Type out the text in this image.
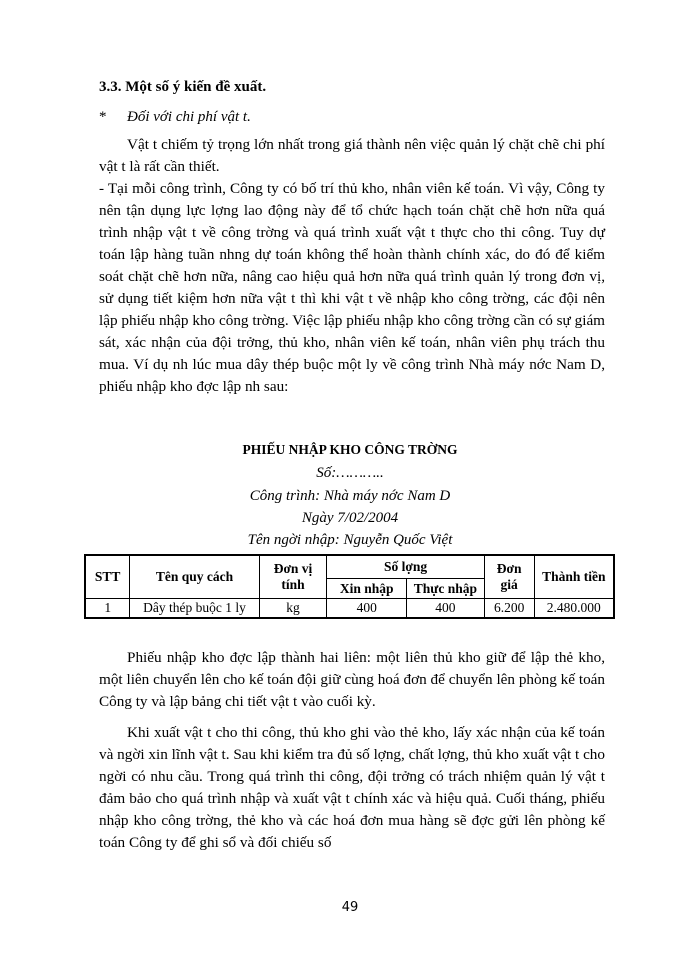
3.3. Một số ý kiến đề xuất.
* Đối với chi phí vật t.

Vật t chiếm tỷ trọng lớn nhất trong giá thành nên việc quản lý chặt chẽ chi phí vật t là rất cần thiết.

- Tại mỗi công trình, Công ty có bố trí thủ kho, nhân viên kế toán. Vì vậy, Công ty nên tận dụng lực lợng lao động này để tổ chức hạch toán chặt chẽ hơn nữa quá trình nhập vật t về công trờng và quá trình xuất vật t thực cho thi công. Tuy dự toán lập hàng tuần nhng dự toán không thể hoàn thành chính xác, do đó để kiểm soát chặt chẽ hơn nữa, nâng cao hiệu quả hơn nữa quá trình quản lý trong đơn vị, sử dụng tiết kiệm hơn nữa vật t thì khi vật t về nhập kho công trờng, các đội nên lập phiếu nhập kho công trờng. Việc lập phiếu nhập kho công trờng cần có sự giám sát, xác nhận của đội trởng, thủ kho, nhân viên kế toán, nhân viên phụ trách thu mua. Ví dụ nh lúc mua dây thép buộc một ly về công trình Nhà máy nớc Nam D, phiếu nhập kho đợc lập nh sau:

PHIẾU NHẬP KHO CÔNG TRỜNG
Số:………..
Công trình: Nhà máy nớc Nam D
Ngày 7/02/2004
Tên ngời nhập: Nguyễn Quốc Việt
STT	Tên quy cách	Đơn vị tính	Số lợng		Đơn giá	Thành tiền
			Xin nhập	Thực nhập		
1	Dây thép buộc 1 ly	kg	400	400	6.200	2.480.000

Phiếu nhập kho đợc lập thành hai liên: một liên thủ kho giữ để lập thẻ kho, một liên chuyển lên cho kế toán đội giữ cùng hoá đơn để chuyển lên phòng kế toán Công ty và lập bảng chi tiết vật t vào cuối kỳ.

Khi xuất vật t cho thi công, thủ kho ghi vào thẻ kho, lấy xác nhận của kế toán và ngời xin lĩnh vật t. Sau khi kiểm tra đủ số lợng, chất lợng, thủ kho xuất vật t cho ngời có nhu cầu. Trong quá trình thi công, đội trởng có trách nhiệm quản lý vật t đảm bảo cho quá trình nhập và xuất vật t chính xác và hiệu quả. Cuối tháng, phiếu nhập kho công trờng, thẻ kho và các hoá đơn mua hàng sẽ đợc gửi lên phòng kế toán Công ty để ghi sổ và đối chiếu số

49
